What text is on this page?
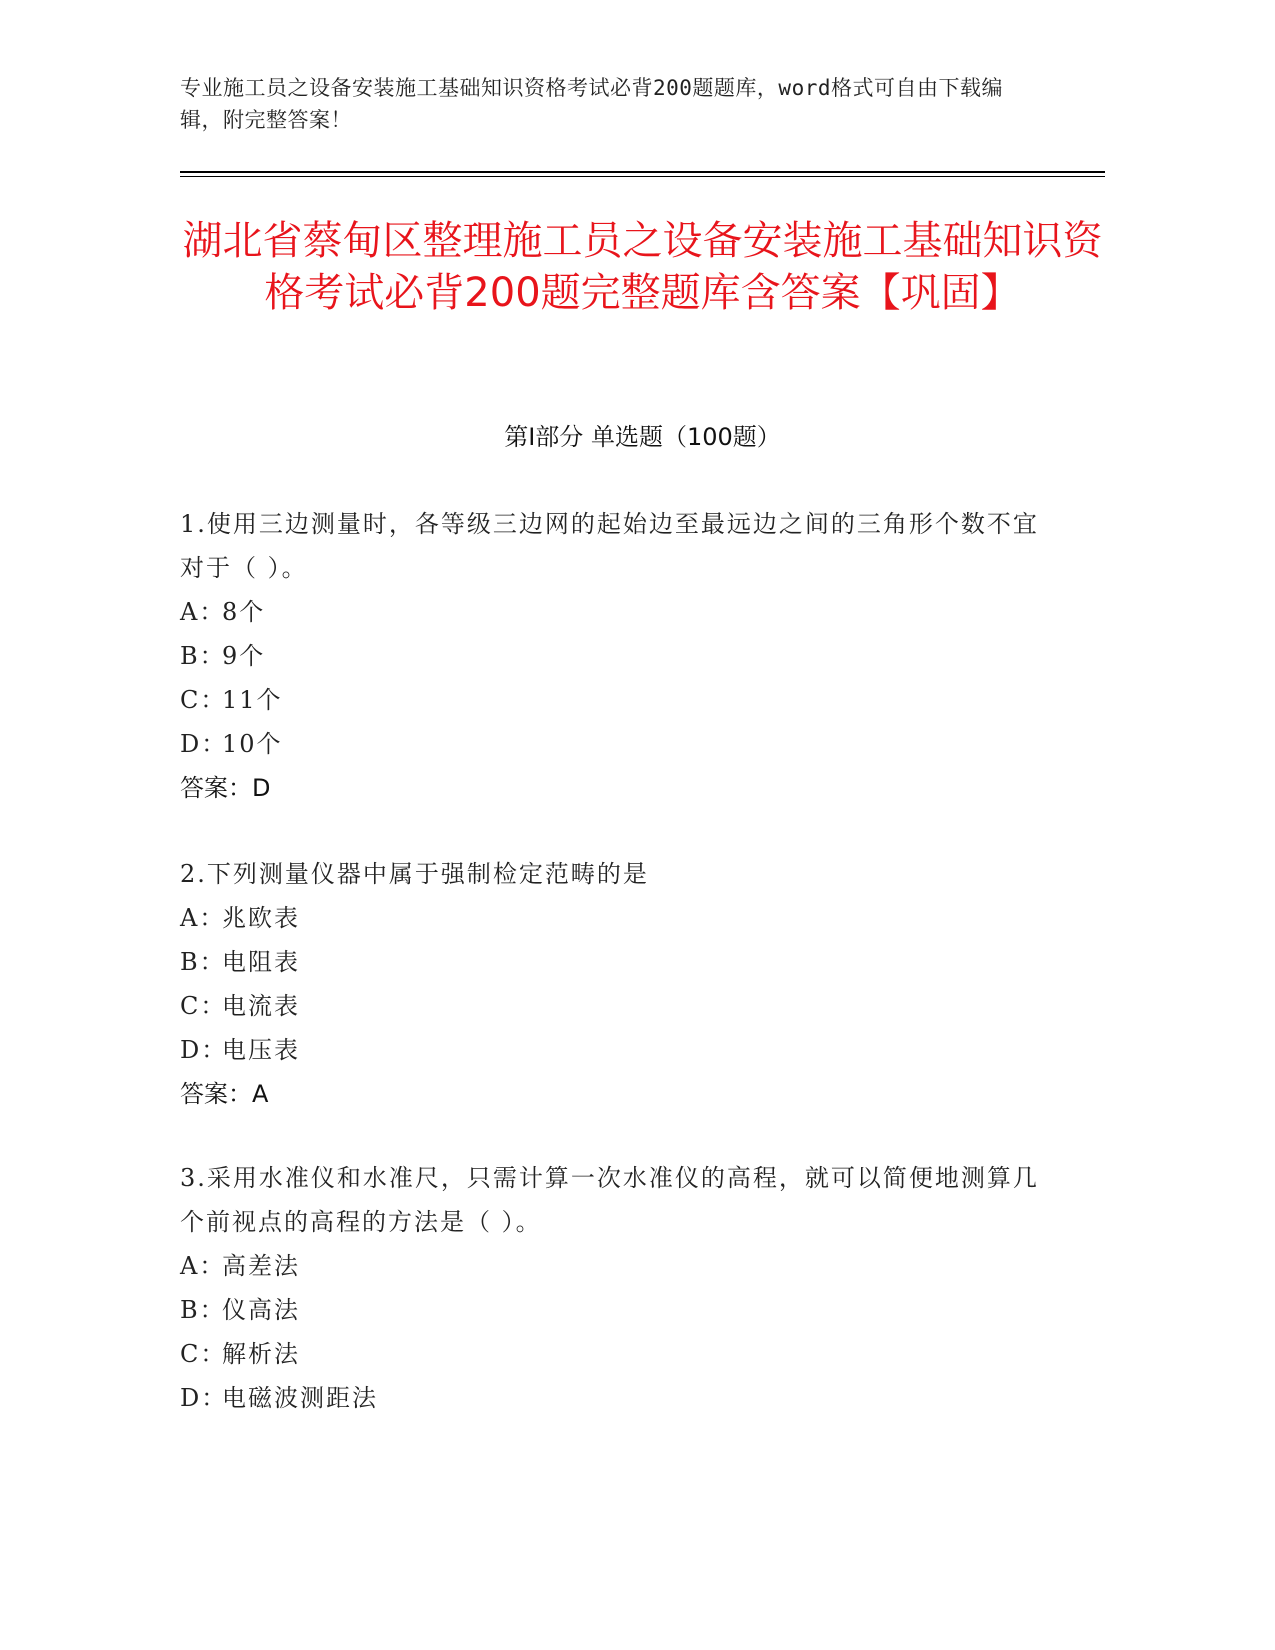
专业施工员之设备安装施工基础知识资格考试必背200题题库，word格式可自由下载编辑，附完整答案！
湖北省蔡甸区整理施工员之设备安装施工基础知识资格考试必背200题完整题库含答案【巩固】
第I部分 单选题（100题）
1.使用三边测量时，各等级三边网的起始边至最远边之间的三角形个数不宜对于（ ）。
A：
8个
B：
9个
C：
11个
D：
10个
答案：D
2.下列测量仪器中属于强制检定范畴的是
A：
兆欧表
B：
电阻表
C：
电流表
D：
电压表
答案：A
3.采用水准仪和水准尺，只需计算一次水准仪的高程，就可以简便地测算几个前视点的高程的方法是（ ）。
A：
高差法
B：
仪高法
C：
解析法
D：
电磁波测距法
